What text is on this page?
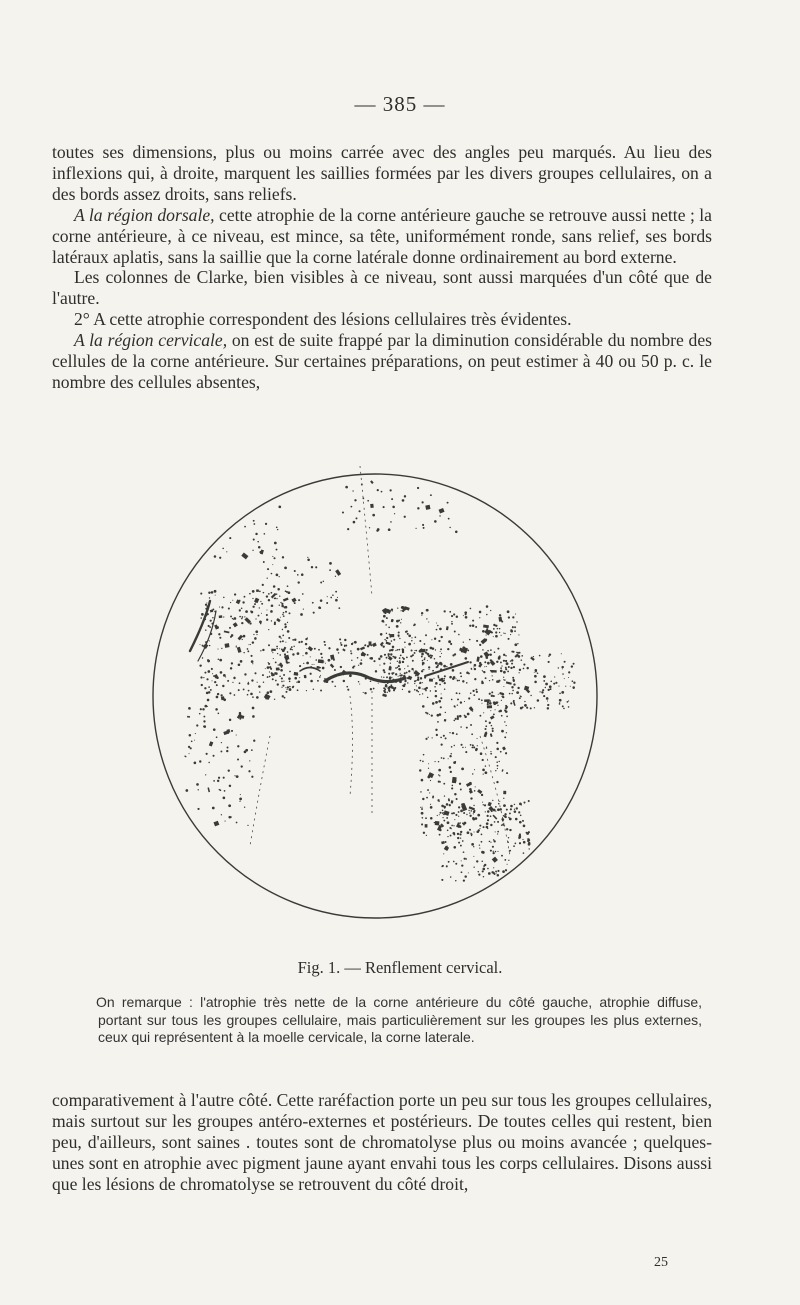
— 385 —

toutes ses dimensions, plus ou moins carrée avec des angles peu marqués. Au lieu des inflexions qui, à droite, marquent les saillies formées par les divers groupes cellulaires, on a des bords assez droits, sans reliefs.

A la région dorsale, cette atrophie de la corne antérieure gauche se retrouve aussi nette ; la corne antérieure, à ce niveau, est mince, sa tête, uniformément ronde, sans relief, ses bords latéraux aplatis, sans la saillie que la corne latérale donne ordinairement au bord externe.

Les colonnes de Clarke, bien visibles à ce niveau, sont aussi marquées d'un côté que de l'autre.

2° A cette atrophie correspondent des lésions cellulaires très évidentes.

A la région cervicale, on est de suite frappé par la diminution considérable du nombre des cellules de la corne antérieure. Sur certaines préparations, on peut estimer à 40 ou 50 p. c. le nombre des cellules absentes,

Fig. 1. — Renflement cervical.

On remarque : l'atrophie très nette de la corne antérieure du côté gauche, atrophie diffuse, portant sur tous les groupes cellulaire, mais particulièrement sur les groupes les plus externes, ceux qui représentent à la moelle cervicale, la corne laterale.

comparativement à l'autre côté. Cette raréfaction porte un peu sur tous les groupes cellulaires, mais surtout sur les groupes antéro-externes et postérieurs. De toutes celles qui restent, bien peu, d'ailleurs, sont saines . toutes sont de chromatolyse plus ou moins avancée ; quelques-unes sont en atrophie avec pigment jaune ayant envahi tous les corps cellulaires. Disons aussi que les lésions de chromatolyse se retrouvent du côté droit,

25
